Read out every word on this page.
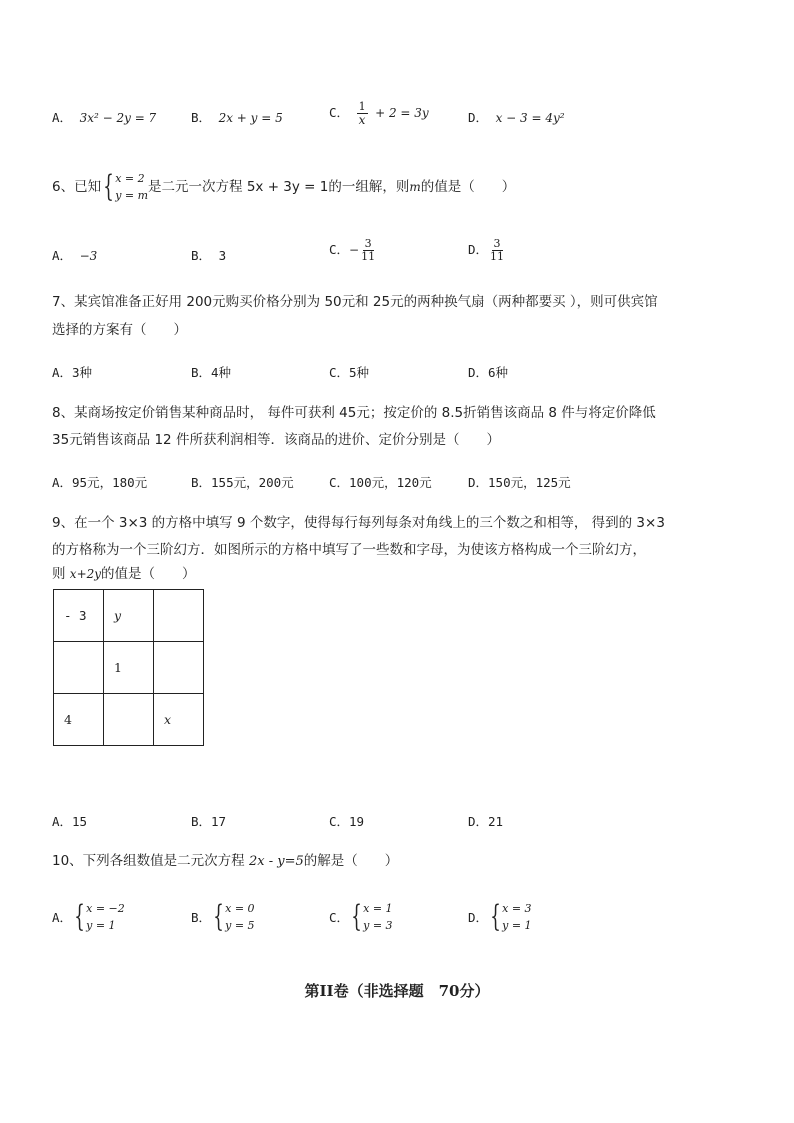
A． 3x² − 2y = 7	B． 2x + y = 5	C． $\frac{1}{x} + 2 = 3y$	D． x − 3 = 4y²
6、已知 { x = 2
y = m
是二元一次方程 5x + 3y = 1的一组解，则m的值是（　　）
A． −3	B． 3	C．− $\frac{3}{11}$	D． $\frac{3}{11}$
7、某宾馆准备正好用 200元购买价格分别为 50元和 25元的两种换气扇（两种都要买 ），则可供宾馆
选择的方案有（　　）
A．3种	B．4种	C．5种	D．6种
8、某商场按定价销售某种商品时， 每件可获利 45元；按定价的 8.5折销售该商品 8 件与将定价降低
35元销售该商品 12 件所获利润相等．该商品的进价、定价分别是（　　）
A．95元，180元	B．155元，200元	C．100元，120元	D．150元，125元
9、在一个 3×3 的方格中填写 9 个数字，使得每行每列每条对角线上的三个数之和相等， 得到的 3×3
的方格称为一个三阶幻方．如图所示的方格中填写了一些数和字母，为使该方格构成一个三阶幻方，
则 x+2y的值是（　　）
- 3	y	
	1	
4		x
A．15	B．17	C．19	D．21
10、下列各组数值是二元次方程 2x - y=5的解是（　　）
A． { x = −2
y = 1
B． { x = 0
y = 5
C． { x = 1
y = 3
D． { x = 3
y = 1
第II卷（非选择题　70分）
